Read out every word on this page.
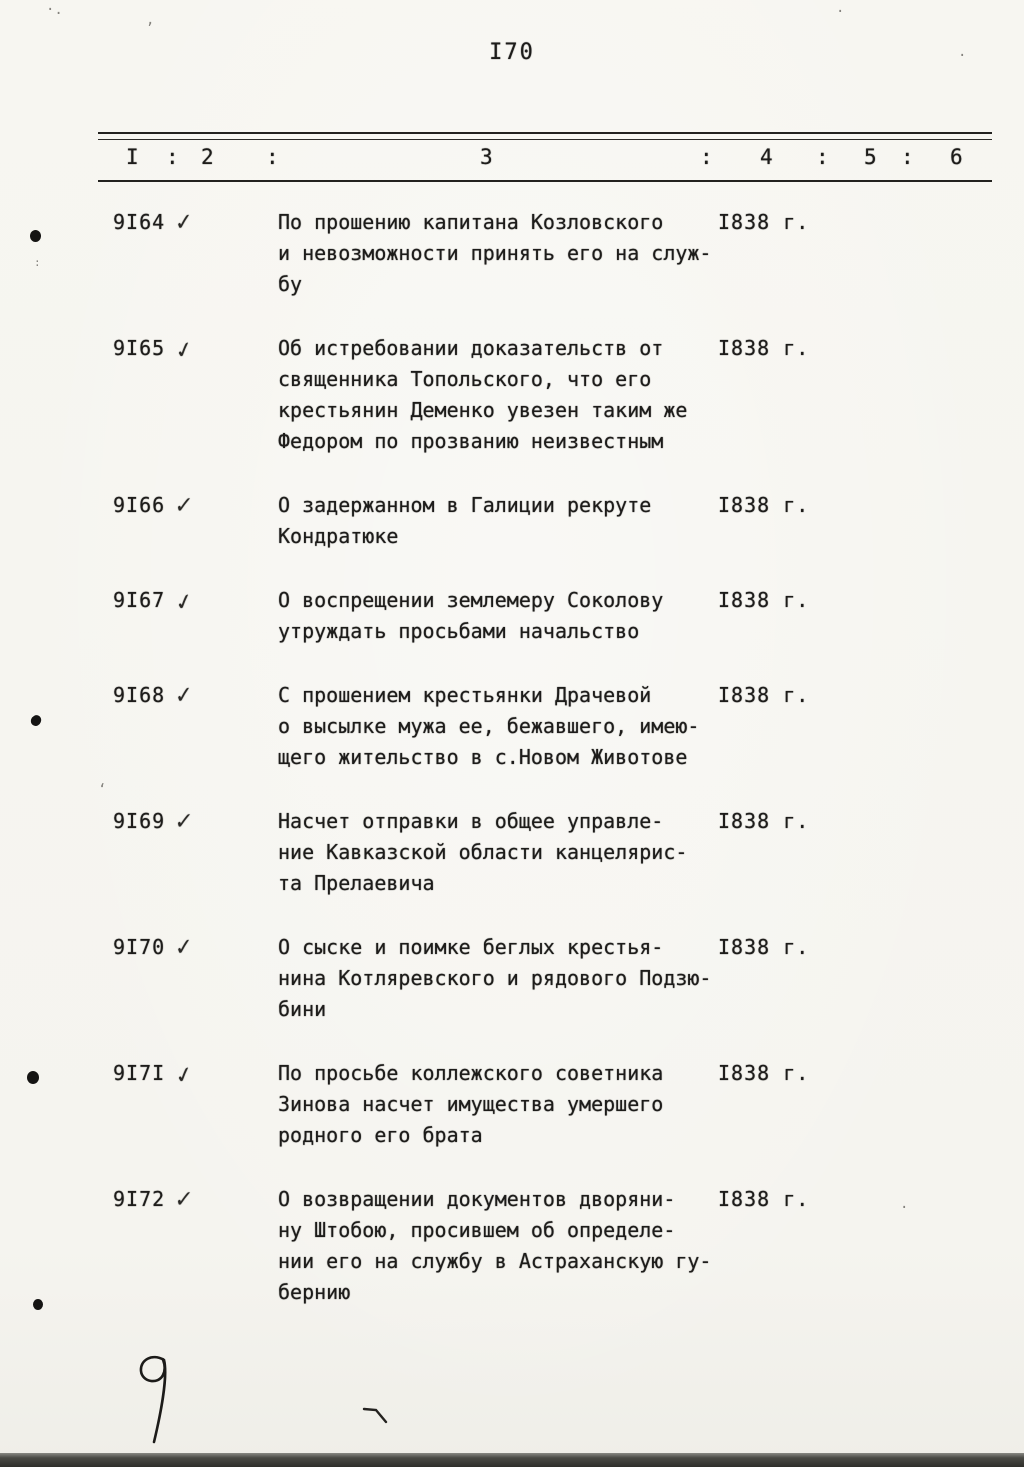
I70
·.	·
,
·
·
:
‘
I : 2 :	3	: 4 : 5 : 6
9I64 ✓	По прошению капитана Козловского
и невозможности принять его на служ-
бу
I838 г.
9I65 ✓	Об истребовании доказательств от
священника Топольского, что его
крестьянин Деменко увезен таким же
Федором по прозванию неизвестным
I838 г.
9I66 ✓	О задержанном в Галиции рекруте
Кондратюке
I838 г.
9I67 ✓	О воспрещении землемеру Соколову
утруждать просьбами начальство
I838 г.
9I68 ✓	С прошением крестьянки Драчевой
о высылке мужа ее, бежавшего, имею-
щего жительство в с.Новом Животове
I838 г.
9I69 ✓	Насчет отправки в общее управле-
ние Кавказской области канцелярис-
та Прелаевича
I838 г.
9I70 ✓	О сыске и поимке беглых крестья-
нина Котляревского и рядового Подзю-
бини
I838 г.
9I7I ✓	По просьбе коллежского советника
Зинова насчет имущества умершего
родного его брата
I838 г.
9I72 ✓	О возвращении документов дворяни-
ну Штобою, просившем об определе-
нии его на службу в Астраханскую гу-
бернию
I838 г.
